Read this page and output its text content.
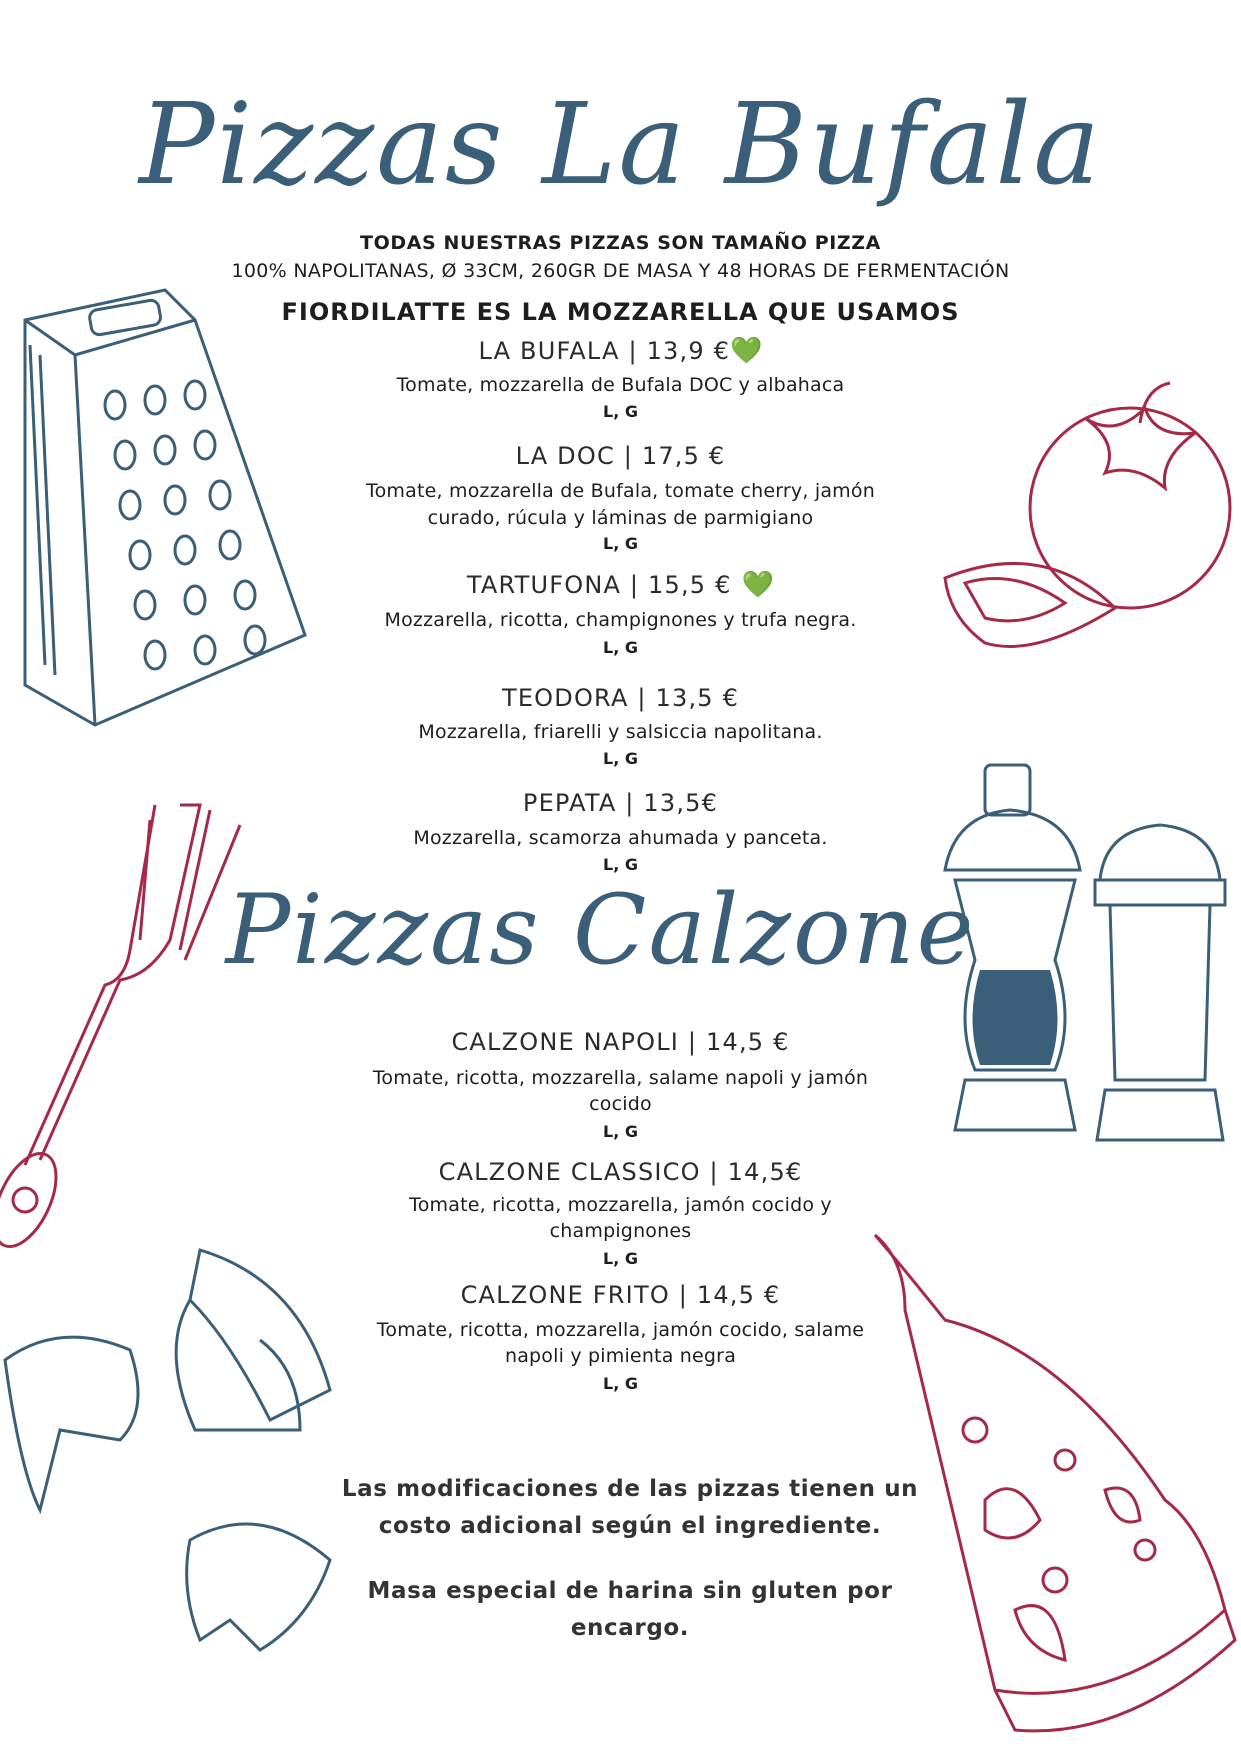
Pizzas La Bufala
TODAS NUESTRAS PIZZAS SON TAMAÑO PIZZA
100% NAPOLITANAS, Ø 33CM, 260GR DE MASA Y 48 HORAS DE FERMENTACIÓN
FIORDILATTE ES LA MOZZARELLA QUE USAMOS
LA BUFALA | 13,9 €💚
Tomate, mozzarella de Bufala DOC y albahaca
L, G
LA DOC | 17,5 €
Tomate, mozzarella de Bufala, tomate cherry, jamón curado, rúcula y láminas de parmigiano
L, G
TARTUFONA | 15,5 € 💚
Mozzarella, ricotta, champignones y trufa negra.
L, G
TEODORA | 13,5 €
Mozzarella, friarelli y salsiccia napolitana.
L, G
PEPATA | 13,5€
Mozzarella, scamorza ahumada y panceta.
L, G
Pizzas Calzone
CALZONE NAPOLI | 14,5 €
Tomate, ricotta, mozzarella, salame napoli y jamón
cocido
L, G
CALZONE CLASSICO | 14,5€
Tomate, ricotta, mozzarella, jamón cocido y
champignones
L, G
CALZONE FRITO | 14,5 €
Tomate, ricotta, mozzarella, jamón cocido, salame
napoli y pimienta negra
L, G
Las modificaciones de las pizzas tienen un
costo adicional según el ingrediente.
Masa especial de harina sin gluten por
encargo.
